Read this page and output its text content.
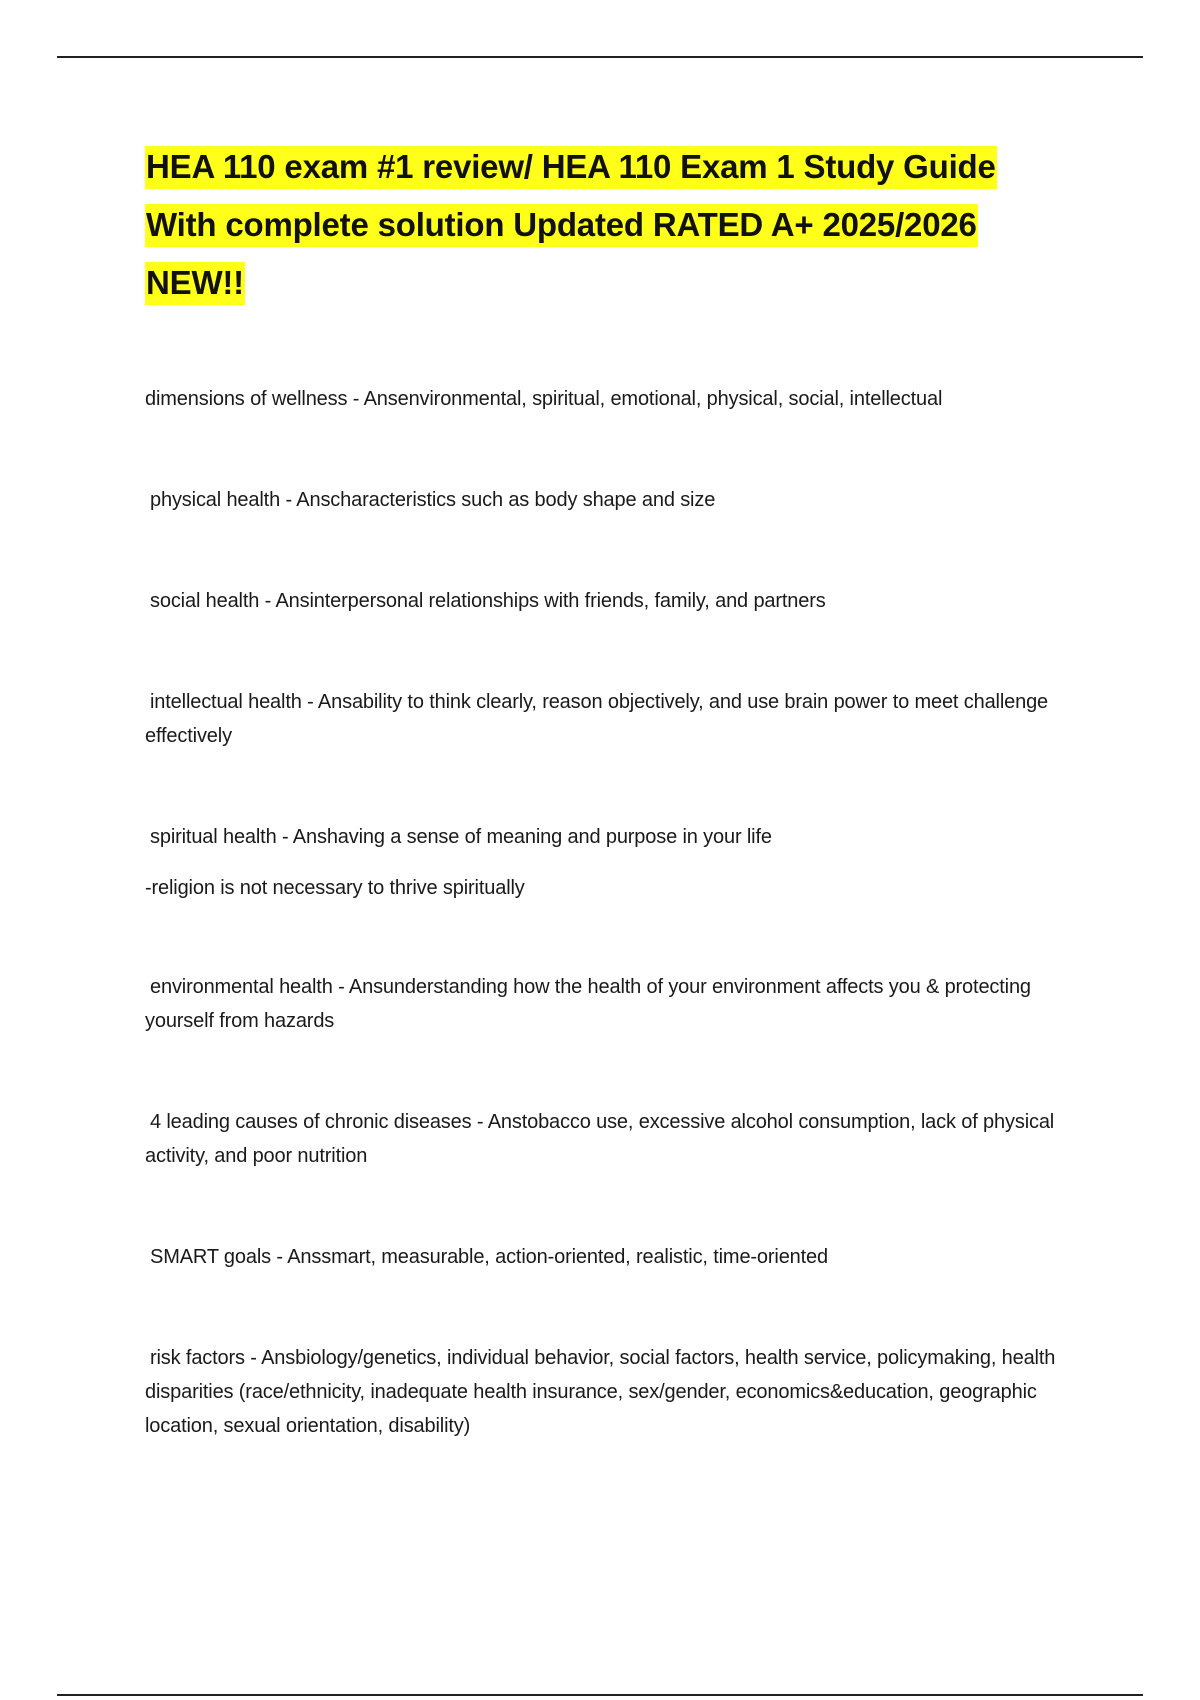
HEA 110 exam #1 review/ HEA 110 Exam 1 Study Guide
With complete solution Updated RATED A+ 2025/2026
NEW!!
dimensions of wellness - Ansenvironmental, spiritual, emotional, physical, social, intellectual
physical health - Anscharacteristics such as body shape and size
social health - Ansinterpersonal relationships with friends, family, and partners
intellectual health - Ansability to think clearly, reason objectively, and use brain power to meet challenge effectively
spiritual health - Anshaving a sense of meaning and purpose in your life
-religion is not necessary to thrive spiritually
environmental health - Ansunderstanding how the health of your environment affects you & protecting yourself from hazards
4 leading causes of chronic diseases - Anstobacco use, excessive alcohol consumption, lack of physical activity, and poor nutrition
SMART goals - Anssmart, measurable, action-oriented, realistic, time-oriented
risk factors - Ansbiology/genetics, individual behavior, social factors, health service, policymaking, health disparities (race/ethnicity, inadequate health insurance, sex/gender, economics&education, geographic location, sexual orientation, disability)
